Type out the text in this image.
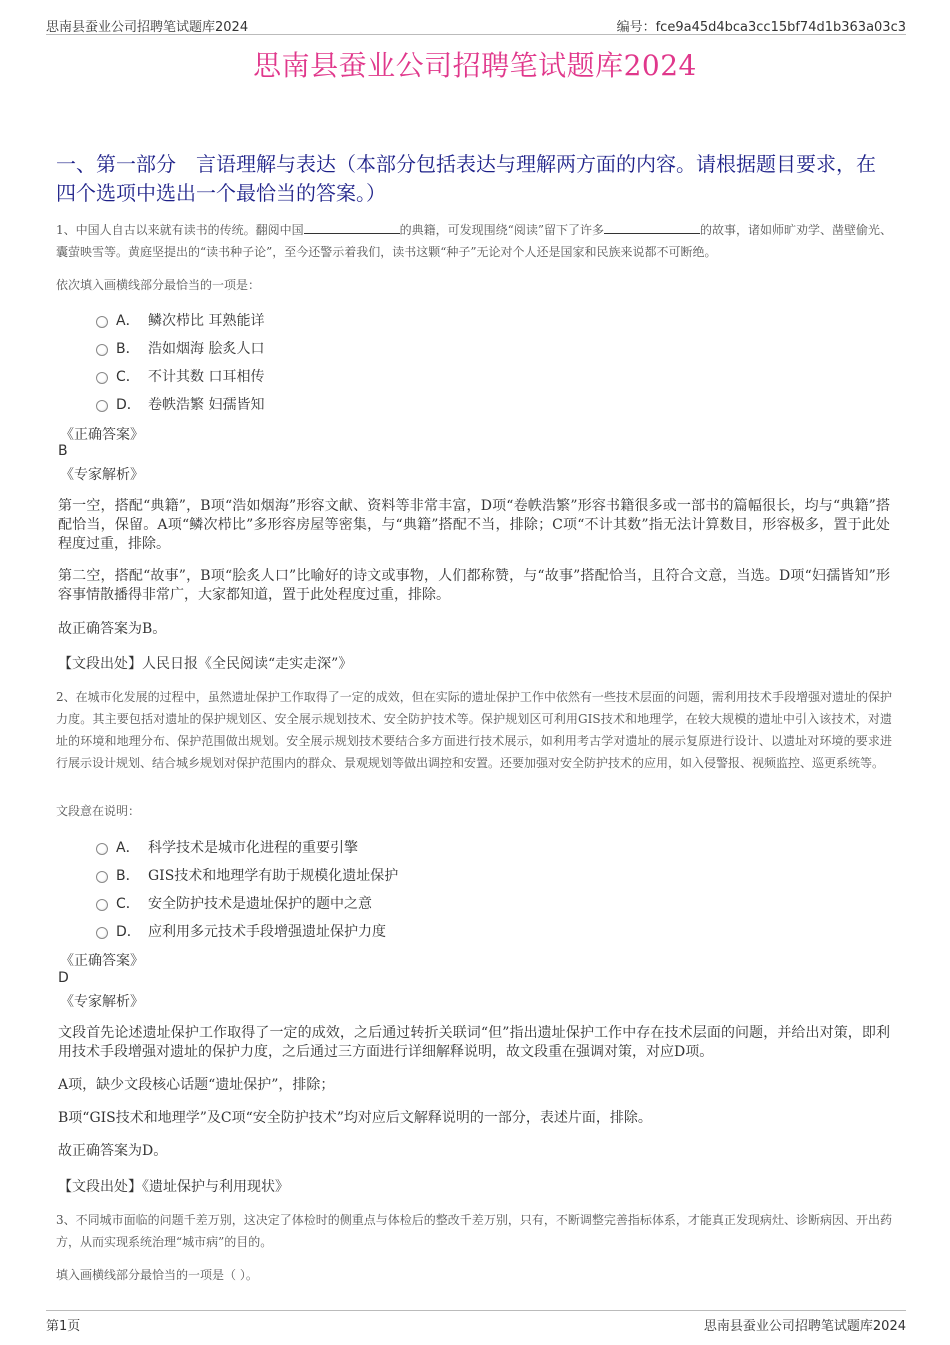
思南县蚕业公司招聘笔试题库2024	编号：fce9a45d4bca3cc15bf74d1b363a03c3
思南县蚕业公司招聘笔试题库2024
一、第一部分　言语理解与表达（本部分包括表达与理解两方面的内容。请根据题目要求，在四个选项中选出一个最恰当的答案。）
1、中国人自古以来就有读书的传统。翻阅中国	的典籍，可发现围绕“阅读”留下了许多	的故事，诸如师旷劝学、凿壁偷光、囊萤映雪等。黄庭坚提出的“读书种子论”，至今还警示着我们，读书这颗“种子”无论对个人还是国家和民族来说都不可断绝。
依次填入画横线部分最恰当的一项是：
A． 鳞次栉比 耳熟能详
B． 浩如烟海 脍炙人口
C． 不计其数 口耳相传
D． 卷帙浩繁 妇孺皆知
《正确答案》
B
《专家解析》
第一空，搭配“典籍”，B项“浩如烟海”形容文献、资料等非常丰富，D项“卷帙浩繁”形容书籍很多或一部书的篇幅很长，均与“典籍”搭配恰当，保留。A项“鳞次栉比”多形容房屋等密集，与“典籍”搭配不当，排除；C项“不计其数”指无法计算数目，形容极多，置于此处程度过重，排除。
第二空，搭配“故事”，B项“脍炙人口”比喻好的诗文或事物，人们都称赞，与“故事”搭配恰当，且符合文意，当选。D项“妇孺皆知”形容事情散播得非常广，大家都知道，置于此处程度过重，排除。
故正确答案为B。
【文段出处】人民日报《全民阅读“走实走深”》
2、在城市化发展的过程中，虽然遗址保护工作取得了一定的成效，但在实际的遗址保护工作中依然有一些技术层面的问题，需利用技术手段增强对遗址的保护力度。其主要包括对遗址的保护规划区、安全展示规划技术、安全防护技术等。保护规划区可利用GIS技术和地理学，在较大规模的遗址中引入该技术，对遗址的环境和地理分布、保护范围做出规划。安全展示规划技术要结合多方面进行技术展示，如利用考古学对遗址的展示复原进行设计、以遗址对环境的要求进行展示设计规划、结合城乡规划对保护范围内的群众、景观规划等做出调控和安置。还要加强对安全防护技术的应用，如入侵警报、视频监控、巡更系统等。
文段意在说明：
A． 科学技术是城市化进程的重要引擎
B． GIS技术和地理学有助于规模化遗址保护
C． 安全防护技术是遗址保护的题中之意
D． 应利用多元技术手段增强遗址保护力度
《正确答案》
D
《专家解析》
文段首先论述遗址保护工作取得了一定的成效，之后通过转折关联词“但”指出遗址保护工作中存在技术层面的问题，并给出对策，即利用技术手段增强对遗址的保护力度，之后通过三方面进行详细解释说明，故文段重在强调对策，对应D项。
A项，缺少文段核心话题“遗址保护”，排除；
B项“GIS技术和地理学”及C项“安全防护技术”均对应后文解释说明的一部分，表述片面，排除。
故正确答案为D。
【文段出处】《遗址保护与利用现状》
3、不同城市面临的问题千差万别，这决定了体检时的侧重点与体检后的整改千差万别，只有，不断调整完善指标体系，才能真正发现病灶、诊断病因、开出药方，从而实现系统治理“城市病”的目的。
填入画横线部分最恰当的一项是（ ）。
第1页	思南县蚕业公司招聘笔试题库2024
